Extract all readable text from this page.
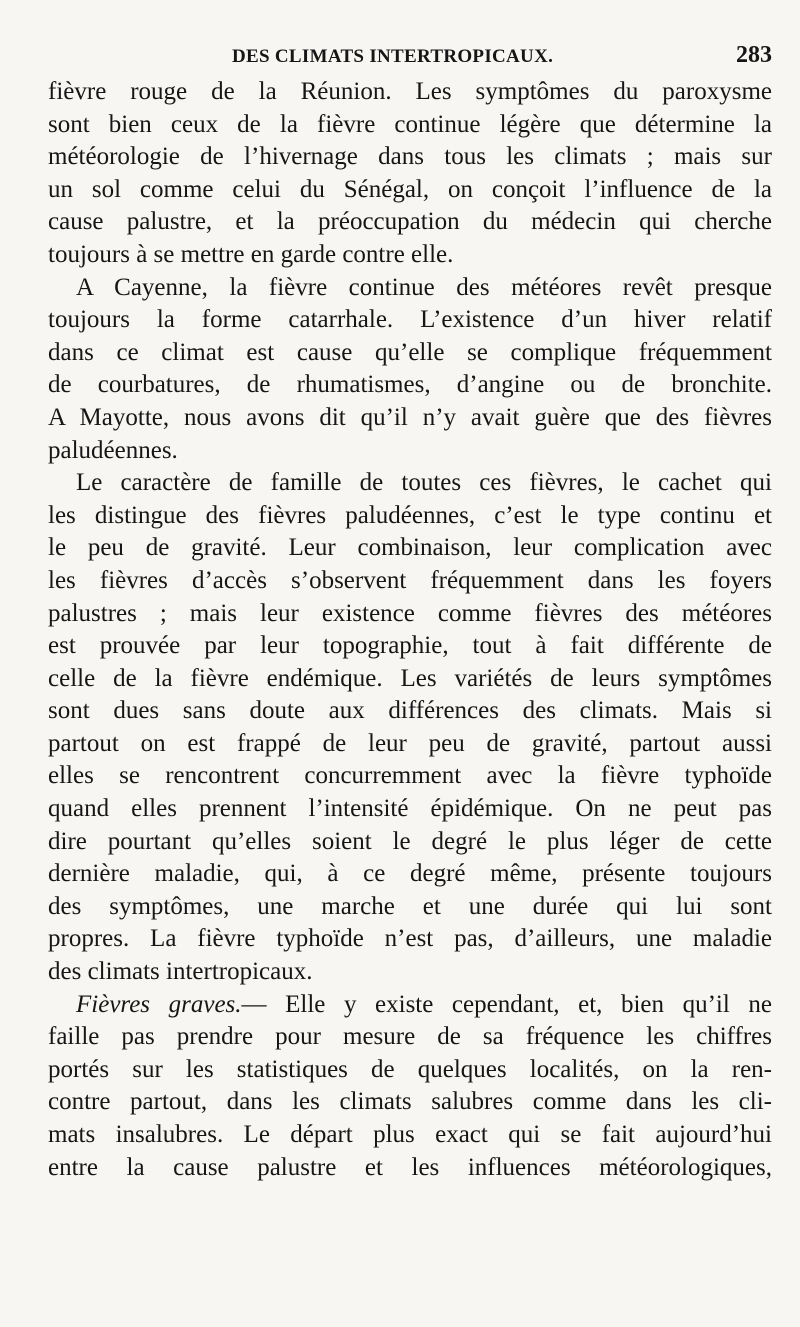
DES CLIMATS INTERTROPICAUX.	283
fièvre rouge de la Réunion. Les symptômes du paroxysme
sont bien ceux de la fièvre continue légère que détermine la
météorologie de l’hivernage dans tous les climats ; mais sur
un sol comme celui du Sénégal, on conçoit l’influence de la
cause palustre, et la préoccupation du médecin qui cherche
toujours à se mettre en garde contre elle.
A Cayenne, la fièvre continue des météores revêt presque
toujours la forme catarrhale. L’existence d’un hiver relatif
dans ce climat est cause qu’elle se complique fréquemment
de courbatures, de rhumatismes, d’angine ou de bronchite.
A Mayotte, nous avons dit qu’il n’y avait guère que des fièvres
paludéennes.
Le caractère de famille de toutes ces fièvres, le cachet qui
les distingue des fièvres paludéennes, c’est le type continu et
le peu de gravité. Leur combinaison, leur complication avec
les fièvres d’accès s’observent fréquemment dans les foyers
palustres ; mais leur existence comme fièvres des météores
est prouvée par leur topographie, tout à fait différente de
celle de la fièvre endémique. Les variétés de leurs symptômes
sont dues sans doute aux différences des climats. Mais si
partout on est frappé de leur peu de gravité, partout aussi
elles se rencontrent concurremment avec la fièvre typhoïde
quand elles prennent l’intensité épidémique. On ne peut pas
dire pourtant qu’elles soient le degré le plus léger de cette
dernière maladie, qui, à ce degré même, présente toujours
des symptômes, une marche et une durée qui lui sont
propres. La fièvre typhoïde n’est pas, d’ailleurs, une maladie
des climats intertropicaux.
Fièvres graves.— Elle y existe cependant, et, bien qu’il ne
faille pas prendre pour mesure de sa fréquence les chiffres
portés sur les statistiques de quelques localités, on la ren-
contre partout, dans les climats salubres comme dans les cli-
mats insalubres. Le départ plus exact qui se fait aujourd’hui
entre la cause palustre et les influences météorologiques,
